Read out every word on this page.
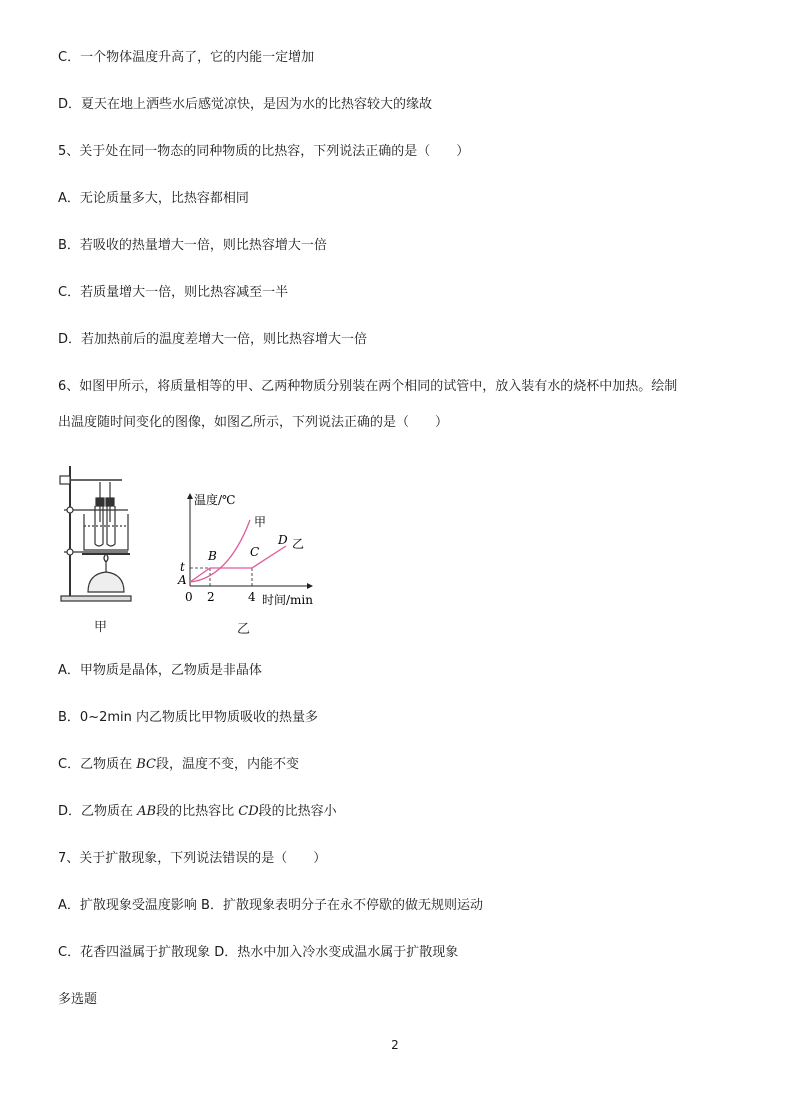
C．一个物体温度升高了，它的内能一定增加
D．夏天在地上洒些水后感觉凉快，是因为水的比热容较大的缘故
5、关于处在同一物态的同种物质的比热容，下列说法正确的是（　　）
A．无论质量多大，比热容都相同
B．若吸收的热量增大一倍，则比热容增大一倍
C．若质量增大一倍，则比热容减至一半
D．若加热前后的温度差增大一倍，则比热容增大一倍
6、如图甲所示，将质量相等的甲、乙两种物质分别装在两个相同的试管中，放入装有水的烧杯中加热。绘制
出温度随时间变化的图像，如图乙所示，下列说法正确的是（　　）
甲
温度/℃
甲
乙
D
C
B
t
A
0 2	4 时间/min
乙
A．甲物质是晶体，乙物质是非晶体
B．0~2min 内乙物质比甲物质吸收的热量多
C．乙物质在 BC段，温度不变，内能不变
D．乙物质在 AB段的比热容比 CD段的比热容小
7、关于扩散现象，下列说法错误的是（　　）
A．扩散现象受温度影响 B．扩散现象表明分子在永不停歇的做无规则运动
C．花香四溢属于扩散现象 D．热水中加入冷水变成温水属于扩散现象
多选题
2
